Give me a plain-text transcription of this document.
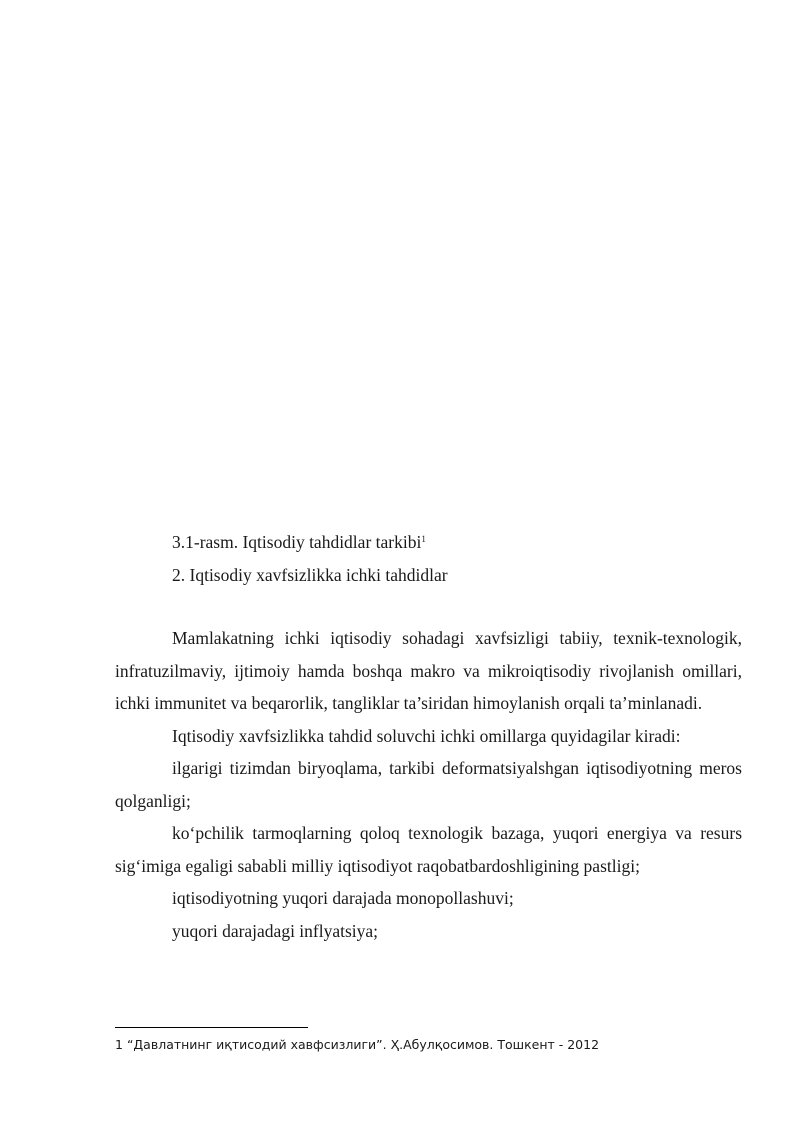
3.1-rasm. Iqtisodiy tahdidlar tarkibi$^1$
2. Iqtisodiy xavfsizlikka ichki tahdidlar

Mamlakatning ichki iqtisodiy sohadagi xavfsizligi tabiiy, texnik-texnologik, infratuzilmaviy, ijtimoiy hamda boshqa makro va mikroiqtisodiy rivojlanish omillari, ichki immunitet va beqarorlik, tangliklar ta’siridan himoylanish orqali ta’minlanadi.

Iqtisodiy xavfsizlikka tahdid soluvchi ichki omillarga quyidagilar kiradi:

ilgarigi tizimdan biryoqlama, tarkibi deformatsiyalshgan iqtisodiyotning meros qolganligi;

ko‘pchilik tarmoqlarning qoloq texnologik bazaga, yuqori energiya va resurs sig‘imiga egaligi sababli milliy iqtisodiyot raqobatbardoshligining pastligi;

iqtisodiyotning yuqori darajada monopollashuvi;

yuqori darajadagi inflyatsiya;

1 “Давлатнинг иқтисодий хавфсизлиги”. Ҳ.Абулқосимов. Тошкент - 2012
